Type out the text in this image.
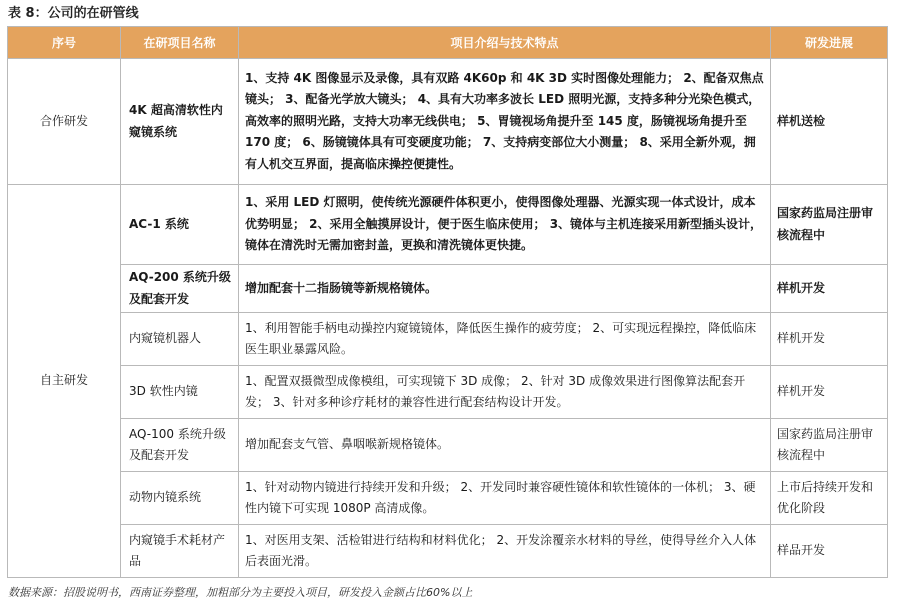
表 8：公司的在研管线
序号	在研项目名称	项目介绍与技术特点	研发进展
合作研发	4K 超高清软性内窥镜系统	1、支持 4K 图像显示及录像，具有双路 4K60p 和 4K 3D 实时图像处理能力； 2、配备双焦点镜头； 3、配备光学放大镜头； 4、具有大功率多波长 LED 照明光源，支持多种分光染色模式，高效率的照明光路，支持大功率无线供电； 5、胃镜视场角提升至 145 度，肠镜视场角提升至 170 度； 6、肠镜镜体具有可变硬度功能； 7、支持病变部位大小测量； 8、采用全新外观，拥有人机交互界面，提高临床操控便捷性。	样机送检
自主研发	AC-1 系统	1、采用 LED 灯照明，使传统光源硬件体积更小，使得图像处理器、光源实现一体式设计，成本优势明显； 2、采用全触摸屏设计，便于医生临床使用； 3、镜体与主机连接采用新型插头设计，镜体在清洗时无需加密封盖，更换和清洗镜体更快捷。	国家药监局注册审核流程中
	AQ-200 系统升级及配套开发	增加配套十二指肠镜等新规格镜体。	样机开发
	内窥镜机器人	1、利用智能手柄电动操控内窥镜镜体，降低医生操作的疲劳度； 2、可实现远程操控，降低临床医生职业暴露风险。	样机开发
	3D 软性内镜	1、配置双摄微型成像模组，可实现镜下 3D 成像； 2、针对 3D 成像效果进行图像算法配套开发； 3、针对多种诊疗耗材的兼容性进行配套结构设计开发。	样机开发
	AQ-100 系统升级及配套开发	增加配套支气管、鼻咽喉新规格镜体。	国家药监局注册审核流程中
	动物内镜系统	1、针对动物内镜进行持续开发和升级； 2、开发同时兼容硬性镜体和软性镜体的一体机； 3、硬性内镜下可实现 1080P 高清成像。	上市后持续开发和优化阶段
	内窥镜手术耗材产品	1、对医用支架、活检钳进行结构和材料优化； 2、开发涂覆亲水材料的导丝，使得导丝介入人体后表面光滑。	样品开发
数据来源：招股说明书，西南证券整理，加粗部分为主要投入项目，研发投入金额占比60%以上
